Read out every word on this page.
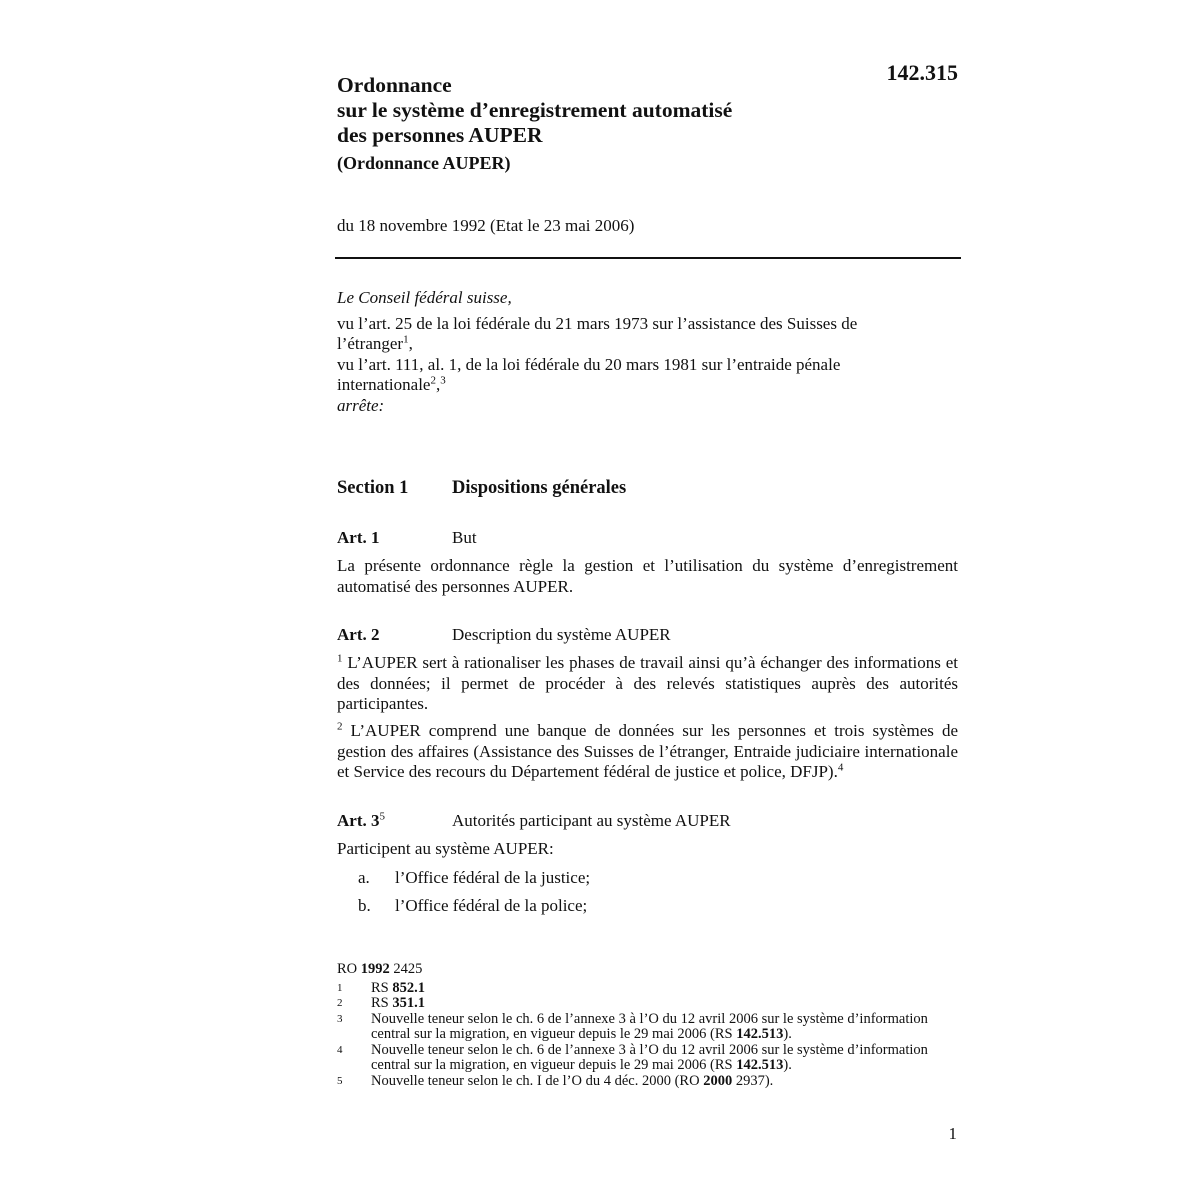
142.315
Ordonnance
sur le système d’enregistrement automatisé
des personnes AUPER
(Ordonnance AUPER)
du 18 novembre 1992 (Etat le 23 mai 2006)
Le Conseil fédéral suisse,
vu l’art. 25 de la loi fédérale du 21 mars 1973 sur l’assistance des Suisses de
l’étranger$^1$,
vu l’art. 111, al. 1, de la loi fédérale du 20 mars 1981 sur l’entraide pénale
internationale$^2$,$^3$
arrête:
Section 1 Dispositions générales
Art. 1	But
La présente ordonnance règle la gestion et l’utilisation du système d’enregistrement automatisé des personnes AUPER.
Art. 2	Description du système AUPER
$^1$ L’AUPER sert à rationaliser les phases de travail ainsi qu’à échanger des informations et des données; il permet de procéder à des relevés statistiques auprès des autorités participantes.
$^2$ L’AUPER comprend une banque de données sur les personnes et trois systèmes de gestion des affaires (Assistance des Suisses de l’étranger, Entraide judiciaire internationale et Service des recours du Département fédéral de justice et police, DFJP).$^4$
Art. $3^5$	Autorités participant au système AUPER
Participent au système AUPER:
a. l’Office fédéral de la justice;
b. l’Office fédéral de la police;
RO 1992 2425
1	RS 852.1
2	RS 351.1
3	Nouvelle teneur selon le ch. 6 de l’annexe 3 à l’O du 12 avril 2006 sur le système d’information central sur la migration, en vigueur depuis le 29 mai 2006 (RS 142.513).
4	Nouvelle teneur selon le ch. 6 de l’annexe 3 à l’O du 12 avril 2006 sur le système d’information central sur la migration, en vigueur depuis le 29 mai 2006 (RS 142.513).
5	Nouvelle teneur selon le ch. I de l’O du 4 déc. 2000 (RO 2000 2937).
1
